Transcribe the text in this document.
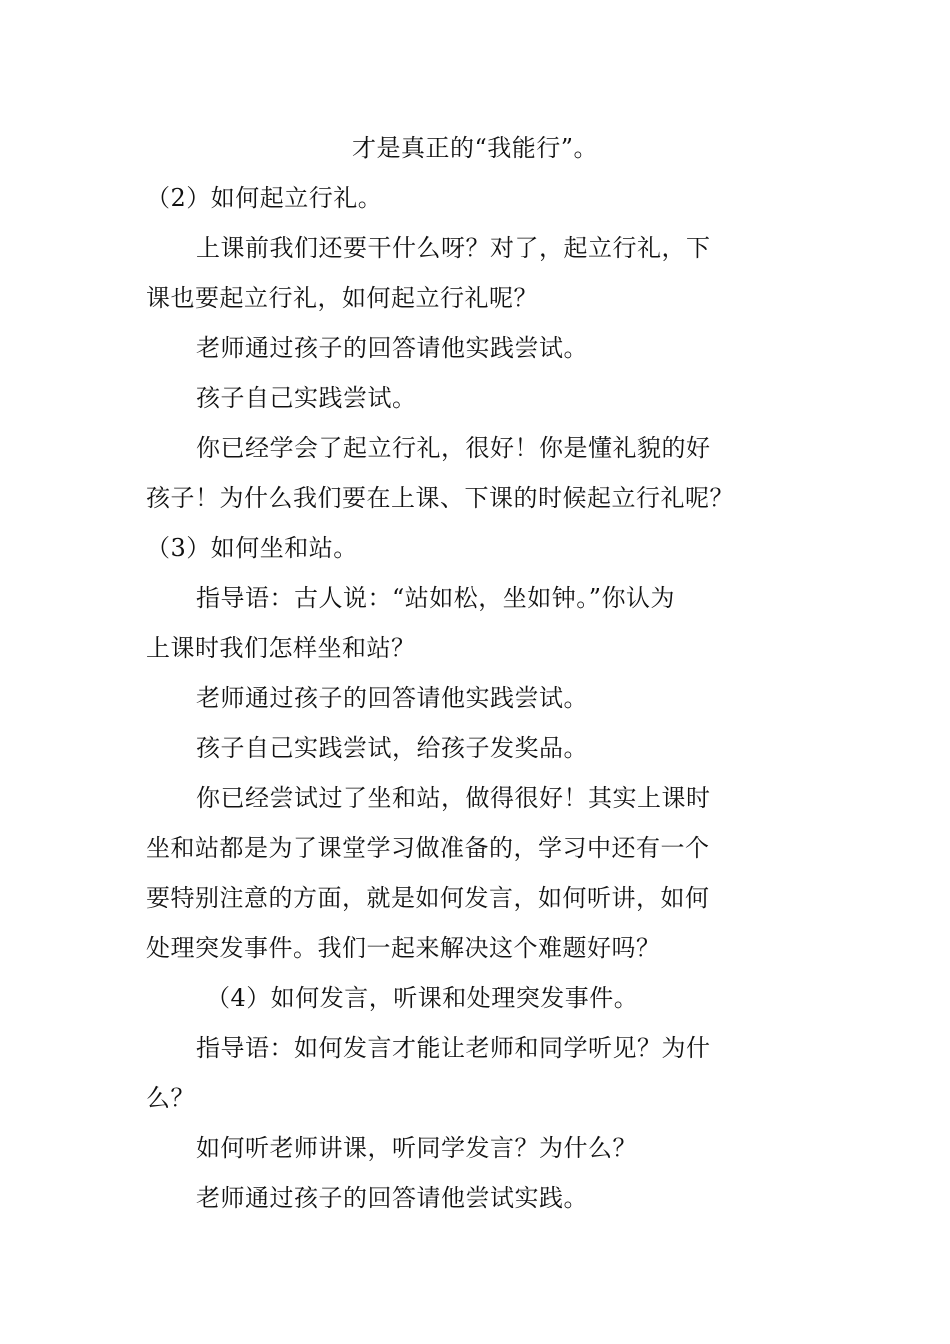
才是真正的“我能行”。
（2）如何起立行礼。
上课前我们还要干什么呀？对了，起立行礼，下
课也要起立行礼，如何起立行礼呢？
老师通过孩子的回答请他实践尝试。
孩子自己实践尝试。
你已经学会了起立行礼，很好！你是懂礼貌的好
孩子！为什么我们要在上课、下课的时候起立行礼呢？
（3）如何坐和站。
指导语：古人说：“站如松，坐如钟。”你认为
上课时我们怎样坐和站？
老师通过孩子的回答请他实践尝试。
孩子自己实践尝试，给孩子发奖品。
你已经尝试过了坐和站，做得很好！其实上课时
坐和站都是为了课堂学习做准备的，学习中还有一个
要特别注意的方面，就是如何发言，如何听讲，如何
处理突发事件。我们一起来解决这个难题好吗？
（4）如何发言，听课和处理突发事件。
指导语：如何发言才能让老师和同学听见？为什
么？
如何听老师讲课，听同学发言？为什么？
老师通过孩子的回答请他尝试实践。
